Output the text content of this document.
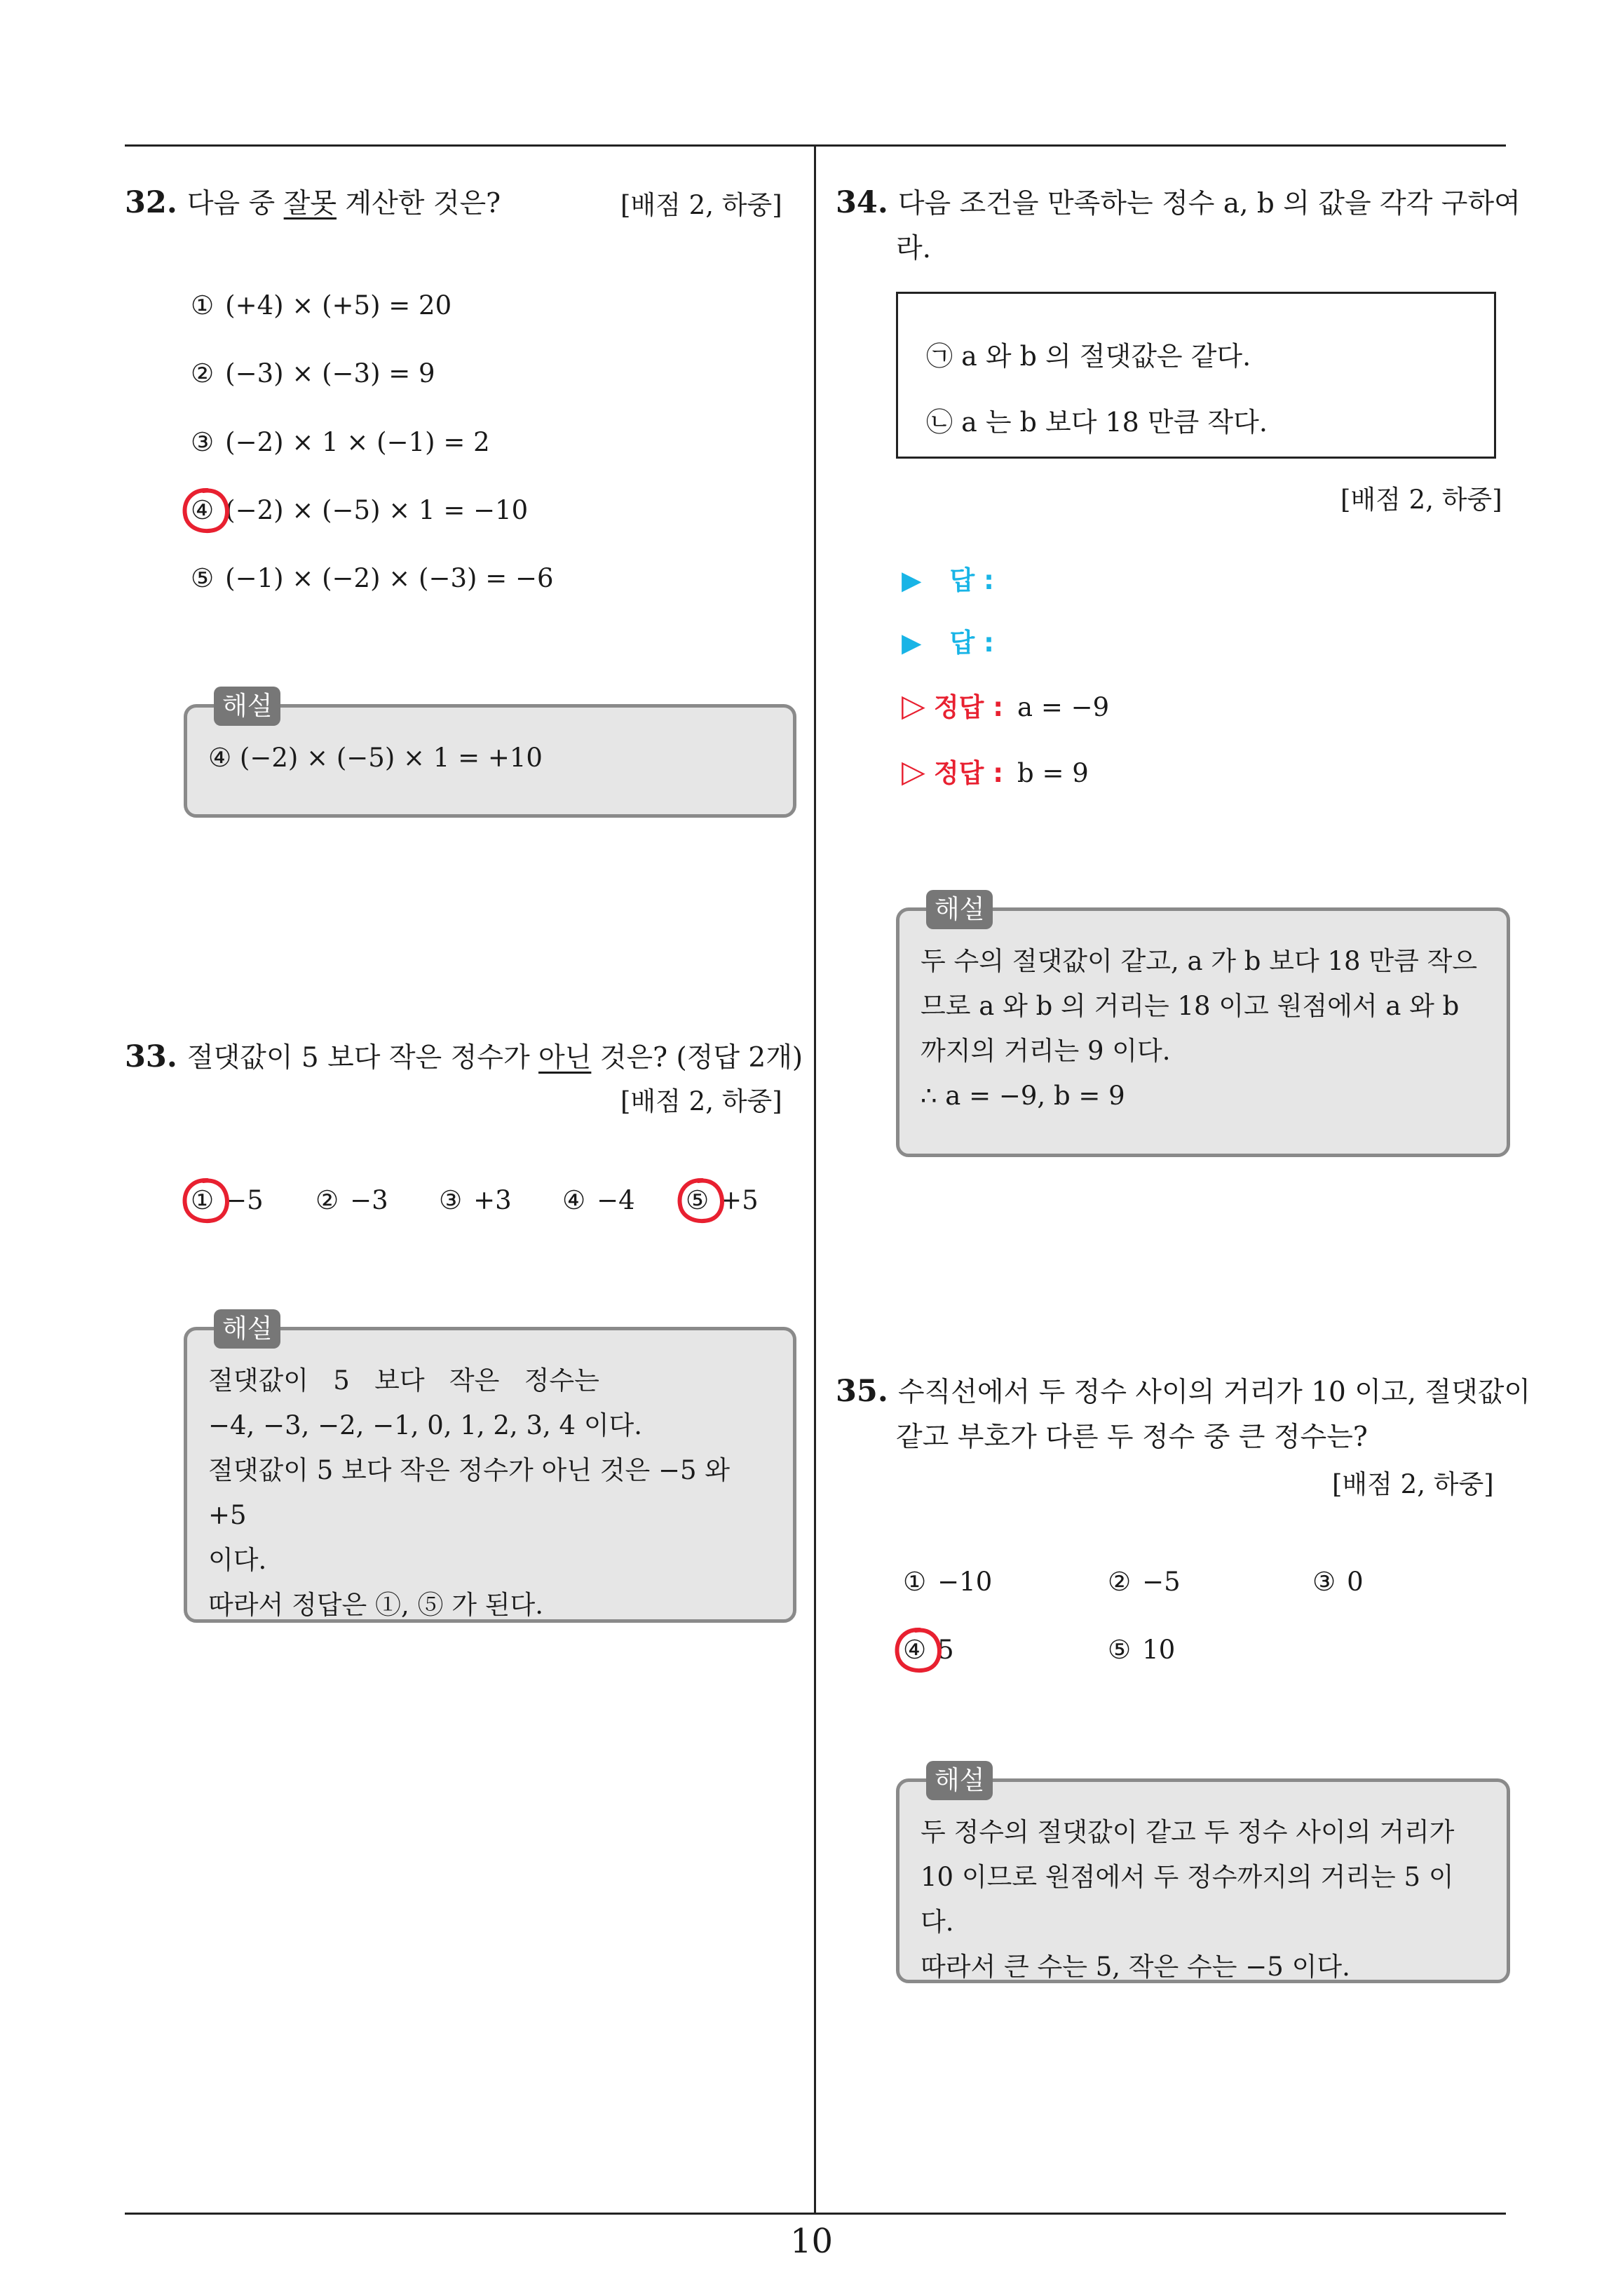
32. 다음 중 잘못 계산한 것은?	[배점 2, 하중]
① (+4) × (+5) = 20
② (−3) × (−3) = 9
③ (−2) × 1 × (−1) = 2
④ (−2) × (−5) × 1 = −10
⑤ (−1) × (−2) × (−3) = −6
해설
④ (−2) × (−5) × 1 = +10
33. 절댓값이 5 보다 작은 정수가 아닌 것은? (정답 2개)
[배점 2, 하중]
① −5 ② −3 ③ +3 ④ −4 ⑤ +5
해설
절댓값이   5   보다   작은   정수는
−4, −3, −2, −1, 0, 1, 2, 3, 4 이다.
절댓값이 5 보다 작은 정수가 아닌 것은 −5 와 +5
이다.
따라서 정답은 ①, ⑤ 가 된다.
34. 다음 조건을 만족하는 정수 a, b 의 값을 각각 구하여
라.
㉠ a 와 b 의 절댓값은 같다.
㉡ a 는 b 보다 18 만큼 작다.
[배점 2, 하중]
▶ 답 :
▶ 답 :
▷ 정답 : a = −9
▷ 정답 : b = 9
해설
두 수의 절댓값이 같고, a 가 b 보다 18 만큼 작으
므로 a 와 b 의 거리는 18 이고 원점에서 a 와 b
까지의 거리는 9 이다.
∴ a = −9, b = 9
35. 수직선에서 두 정수 사이의 거리가 10 이고, 절댓값이
같고 부호가 다른 두 정수 중 큰 정수는?
[배점 2, 하중]
① −10	② −5	③ 0
④ 5	⑤ 10
해설
두 정수의 절댓값이 같고 두 정수 사이의 거리가
10 이므로 원점에서 두 정수까지의 거리는 5 이다.
따라서 큰 수는 5, 작은 수는 −5 이다.
10
